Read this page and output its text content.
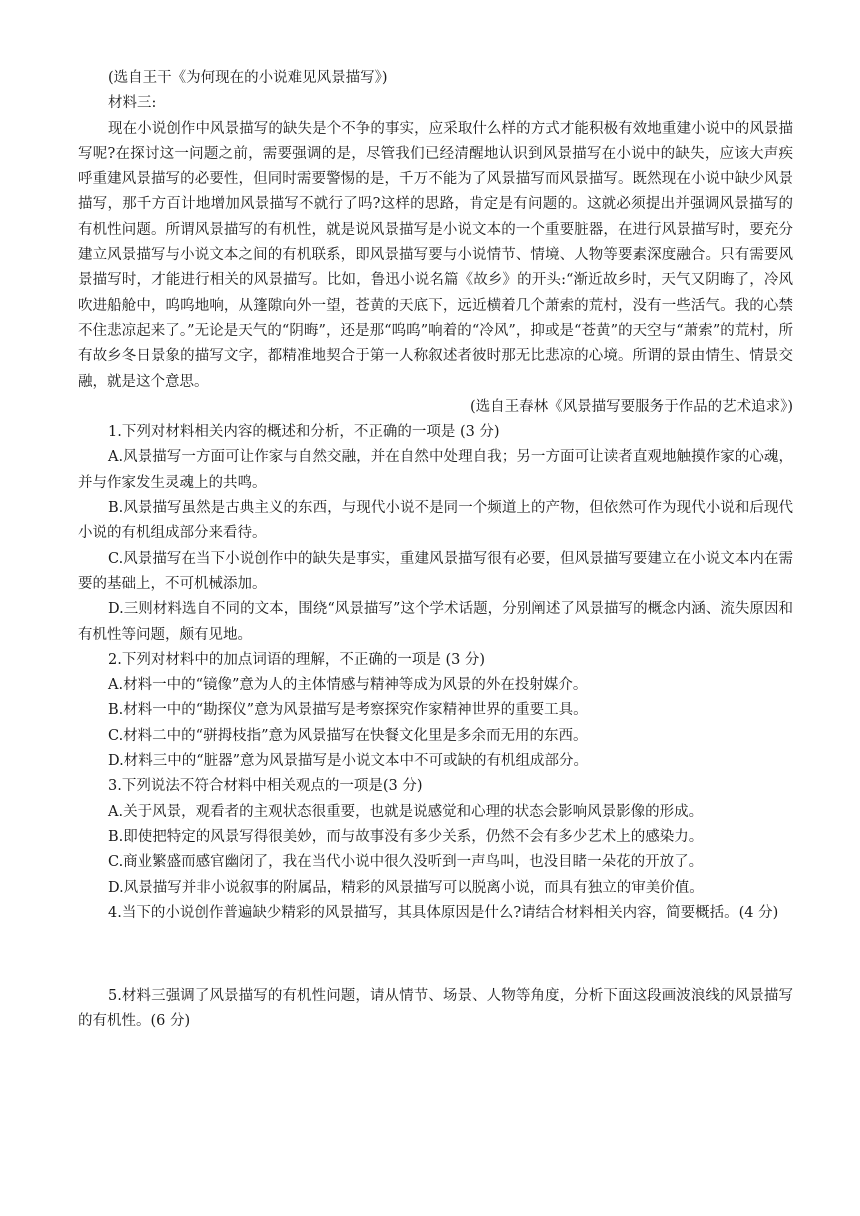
(选自王干《为何现在的小说难见风景描写》)

材料三:

现在小说创作中风景描写的缺失是个不争的事实，应采取什么样的方式才能积极有效地重建小说中的风景描写呢?在探讨这一问题之前，需要强调的是，尽管我们已经清醒地认识到风景描写在小说中的缺失，应该大声疾呼重建风景描写的必要性，但同时需要警惕的是，千万不能为了风景描写而风景描写。既然现在小说中缺少风景描写，那千方百计地增加风景描写不就行了吗?这样的思路，肯定是有问题的。这就必须提出并强调风景描写的有机性问题。所谓风景描写的有机性，就是说风景描写是小说文本的一个重要脏器，在进行风景描写时，要充分建立风景描写与小说文本之间的有机联系，即风景描写要与小说情节、情境、人物等要素深度融合。只有需要风景描写时，才能进行相关的风景描写。比如，鲁迅小说名篇《故乡》的开头:“渐近故乡时，天气又阴晦了，冷风吹进船舱中，呜呜地响，从篷隙向外一望，苍黄的天底下，远近横着几个萧索的荒村，没有一些活气。我的心禁不住悲凉起来了。”无论是天气的“阴晦”，还是那“呜呜”响着的“冷风”，抑或是“苍黄”的天空与“萧索”的荒村，所有故乡冬日景象的描写文字，都精准地契合于第一人称叙述者彼时那无比悲凉的心境。所谓的景由情生、情景交融，就是这个意思。

(选自王春林《风景描写要服务于作品的艺术追求》)

1.下列对材料相关内容的概述和分析，不正确的一项是 (3 分)

A.风景描写一方面可让作家与自然交融，并在自然中处理自我；另一方面可让读者直观地触摸作家的心魂，并与作家发生灵魂上的共鸣。

B.风景描写虽然是古典主义的东西，与现代小说不是同一个频道上的产物，但依然可作为现代小说和后现代小说的有机组成部分来看待。

C.风景描写在当下小说创作中的缺失是事实，重建风景描写很有必要，但风景描写要建立在小说文本内在需要的基础上，不可机械添加。

D.三则材料选自不同的文本，围绕“风景描写”这个学术话题，分别阐述了风景描写的概念内涵、流失原因和有机性等问题，颇有见地。

2.下列对材料中的加点词语的理解，不正确的一项是 (3 分)

A.材料一中的“镜像”意为人的主体情感与精神等成为风景的外在投射媒介。

B.材料一中的“勘探仪”意为风景描写是考察探究作家精神世界的重要工具。

C.材料二中的“骈拇枝指”意为风景描写在快餐文化里是多余而无用的东西。

D.材料三中的“脏器”意为风景描写是小说文本中不可或缺的有机组成部分。

3.下列说法不符合材料中相关观点的一项是(3 分)

A.关于风景，观看者的主观状态很重要，也就是说感觉和心理的状态会影响风景影像的形成。

B.即使把特定的风景写得很美妙，而与故事没有多少关系，仍然不会有多少艺术上的感染力。

C.商业繁盛而感官幽闭了，我在当代小说中很久没听到一声鸟叫，也没目睹一朵花的开放了。

D.风景描写并非小说叙事的附属品，精彩的风景描写可以脱离小说，而具有独立的审美价值。

4.当下的小说创作普遍缺少精彩的风景描写，其具体原因是什么?请结合材料相关内容，简要概括。(4 分)

5.材料三强调了风景描写的有机性问题，请从情节、场景、人物等角度，分析下面这段画波浪线的风景描写的有机性。(6 分)
